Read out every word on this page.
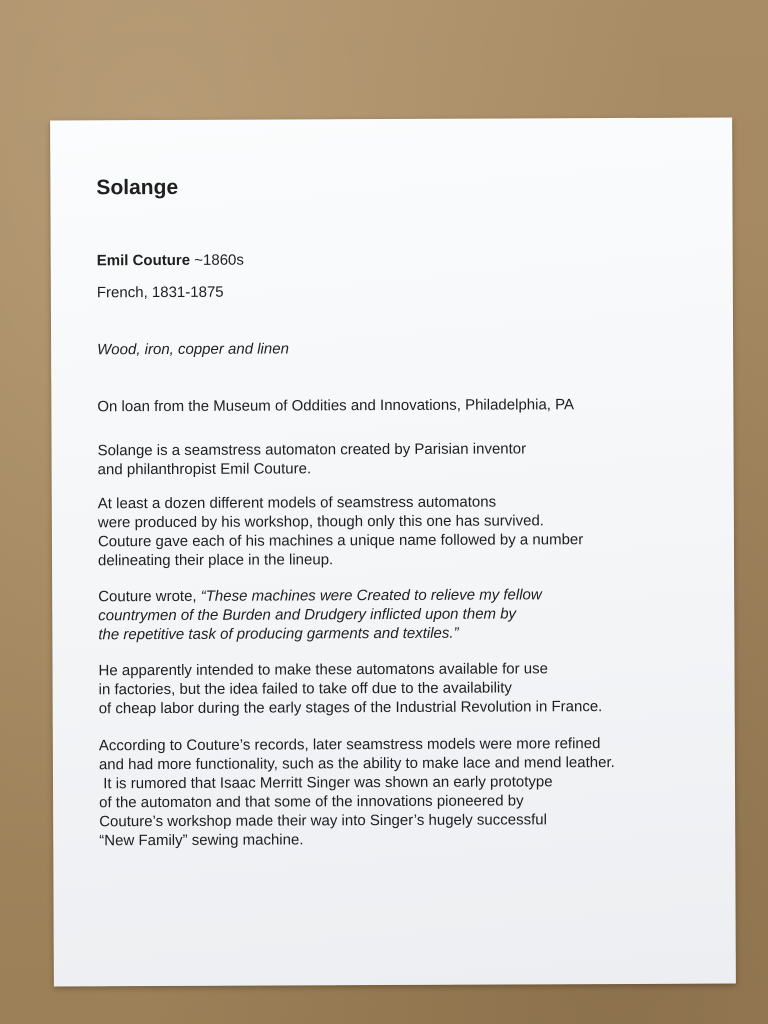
Solange

Emil Couture ~1860s

French, 1831-1875

Wood, iron, copper and linen

On loan from the Museum of Oddities and Innovations, Philadelphia, PA

Solange is a seamstress automaton created by Parisian inventor
and philanthropist Emil Couture.

At least a dozen different models of seamstress automatons
were produced by his workshop, though only this one has survived.
Couture gave each of his machines a unique name followed by a number
delineating their place in the lineup.

Couture wrote, “These machines were Created to relieve my fellow
countrymen of the Burden and Drudgery inflicted upon them by
the repetitive task of producing garments and textiles.”

He apparently intended to make these automatons available for use
in factories, but the idea failed to take off due to the availability
of cheap labor during the early stages of the Industrial Revolution in France.

According to Couture’s records, later seamstress models were more refined
and had more functionality, such as the ability to make lace and mend leather.
It is rumored that Isaac Merritt Singer was shown an early prototype
of the automaton and that some of the innovations pioneered by
Couture’s workshop made their way into Singer’s hugely successful
“New Family” sewing machine.
